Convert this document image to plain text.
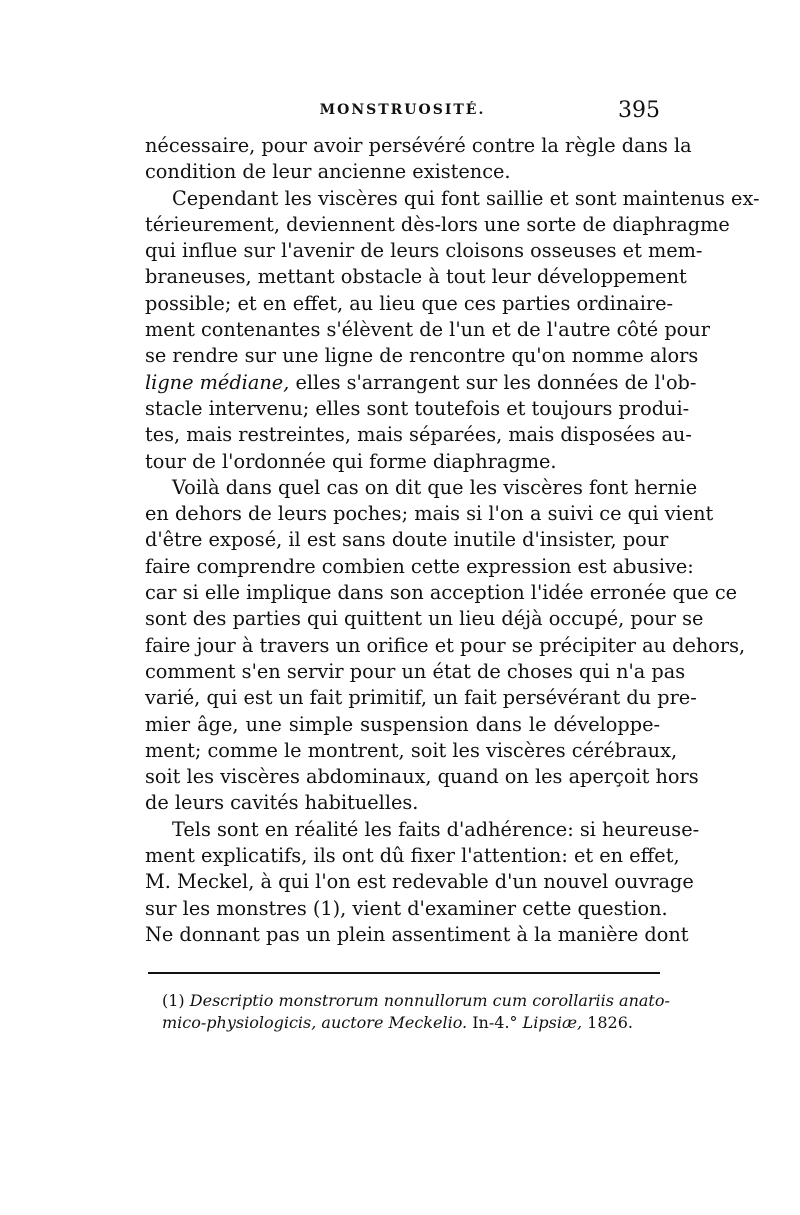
MONSTRUOSITÉ.	395
nécessaire, pour avoir persévéré contre la règle dans la
condition de leur ancienne existence.
Cependant les viscères qui font saillie et sont maintenus ex-
térieurement, deviennent dès-lors une sorte de diaphragme
qui influe sur l'avenir de leurs cloisons osseuses et mem-
braneuses, mettant obstacle à tout leur développement
possible; et en effet, au lieu que ces parties ordinaire-
ment contenantes s'élèvent de l'un et de l'autre côté pour
se rendre sur une ligne de rencontre qu'on nomme alors
ligne médiane, elles s'arrangent sur les données de l'ob-
stacle intervenu; elles sont toutefois et toujours produi-
tes, mais restreintes, mais séparées, mais disposées au-
tour de l'ordonnée qui forme diaphragme.
Voilà dans quel cas on dit que les viscères font hernie
en dehors de leurs poches; mais si l'on a suivi ce qui vient
d'être exposé, il est sans doute inutile d'insister, pour
faire comprendre combien cette expression est abusive:
car si elle implique dans son acception l'idée erronée que ce
sont des parties qui quittent un lieu déjà occupé, pour se
faire jour à travers un orifice et pour se précipiter au dehors,
comment s'en servir pour un état de choses qui n'a pas
varié, qui est un fait primitif, un fait persévérant du pre-
mier âge, une simple suspension dans le développe-
ment; comme le montrent, soit les viscères cérébraux,
soit les viscères abdominaux, quand on les aperçoit hors
de leurs cavités habituelles.
Tels sont en réalité les faits d'adhérence: si heureuse-
ment explicatifs, ils ont dû fixer l'attention: et en effet,
M. Meckel, à qui l'on est redevable d'un nouvel ouvrage
sur les monstres (1), vient d'examiner cette question.
Ne donnant pas un plein assentiment à la manière dont
(1) Descriptio monstrorum nonnullorum cum corollariis anato-
mico-physiologicis, auctore Meckelio. In-4.° Lipsiæ, 1826.
